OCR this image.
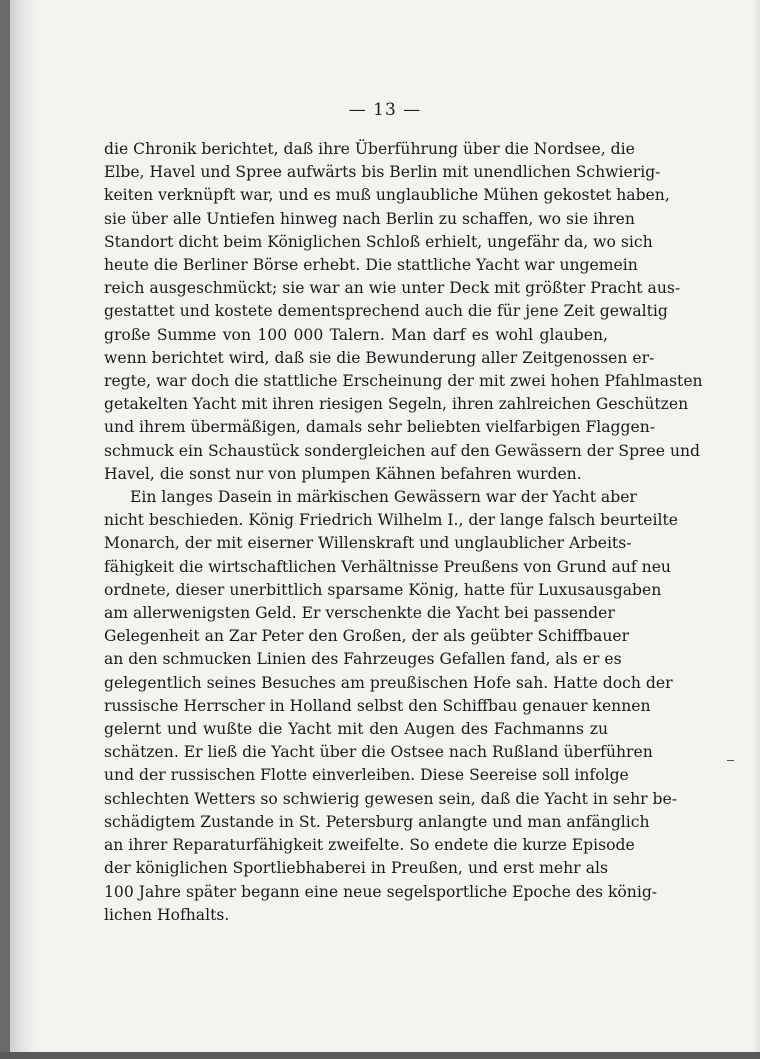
— 13 —
die Chronik berichtet, daß ihre Überführung über die Nordsee, die
Elbe, Havel und Spree aufwärts bis Berlin mit unendlichen Schwierig-
keiten verknüpft war, und es muß unglaubliche Mühen gekostet haben,
sie über alle Untiefen hinweg nach Berlin zu schaffen, wo sie ihren
Standort dicht beim Königlichen Schloß erhielt, ungefähr da, wo sich
heute die Berliner Börse erhebt. Die stattliche Yacht war ungemein
reich ausgeschmückt; sie war an wie unter Deck mit größter Pracht aus-
gestattet und kostete dementsprechend auch die für jene Zeit gewaltig
große Summe von 100 000 Talern. Man darf es wohl glauben,
wenn berichtet wird, daß sie die Bewunderung aller Zeitgenossen er-
regte, war doch die stattliche Erscheinung der mit zwei hohen Pfahlmasten
getakelten Yacht mit ihren riesigen Segeln, ihren zahlreichen Geschützen
und ihrem übermäßigen, damals sehr beliebten vielfarbigen Flaggen-
schmuck ein Schaustück sondergleichen auf den Gewässern der Spree und
Havel, die sonst nur von plumpen Kähnen befahren wurden.
Ein langes Dasein in märkischen Gewässern war der Yacht aber
nicht beschieden. König Friedrich Wilhelm I., der lange falsch beurteilte
Monarch, der mit eiserner Willenskraft und unglaublicher Arbeits-
fähigkeit die wirtschaftlichen Verhältnisse Preußens von Grund auf neu
ordnete, dieser unerbittlich sparsame König, hatte für Luxusausgaben
am allerwenigsten Geld. Er verschenkte die Yacht bei passender
Gelegenheit an Zar Peter den Großen, der als geübter Schiffbauer
an den schmucken Linien des Fahrzeuges Gefallen fand, als er es
gelegentlich seines Besuches am preußischen Hofe sah. Hatte doch der
russische Herrscher in Holland selbst den Schiffbau genauer kennen
gelernt und wußte die Yacht mit den Augen des Fachmanns zu
schätzen. Er ließ die Yacht über die Ostsee nach Rußland überführen
und der russischen Flotte einverleiben. Diese Seereise soll infolge
schlechten Wetters so schwierig gewesen sein, daß die Yacht in sehr be-
schädigtem Zustande in St. Petersburg anlangte und man anfänglich
an ihrer Reparaturfähigkeit zweifelte. So endete die kurze Episode
der königlichen Sportliebhaberei in Preußen, und erst mehr als
100 Jahre später begann eine neue segelsportliche Epoche des könig-
lichen Hofhalts.
